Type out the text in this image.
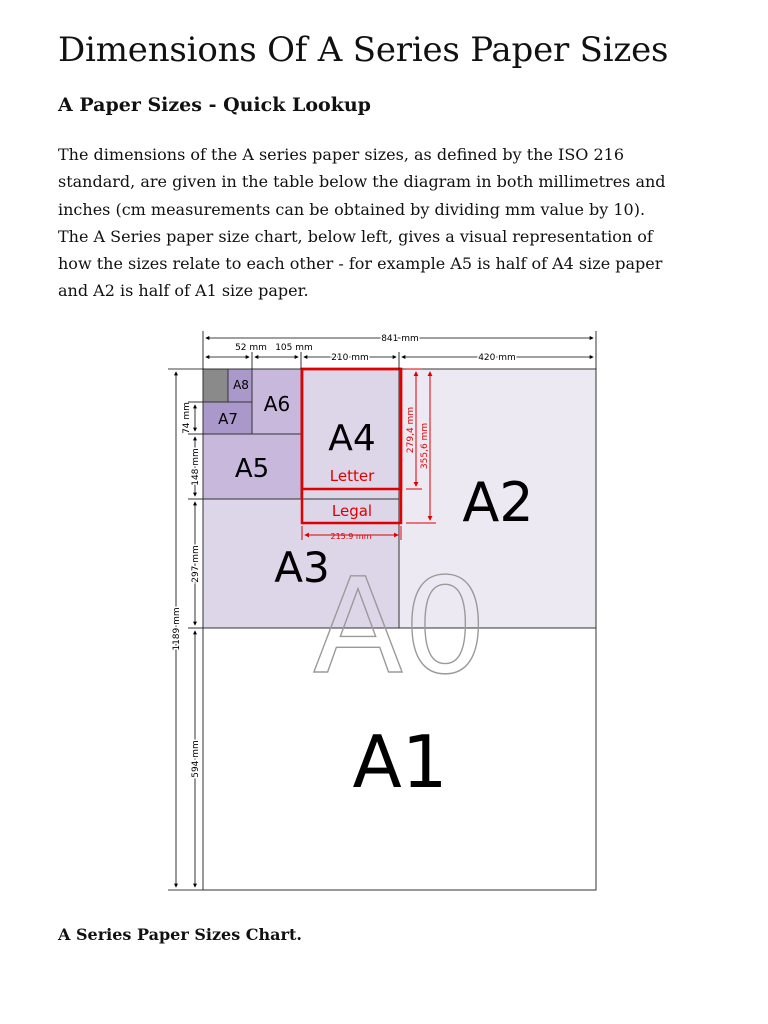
Dimensions Of A Series Paper Sizes
A Paper Sizes - Quick Lookup

The dimensions of the A series paper sizes, as defined by the ISO 216
standard, are given in the table below the diagram in both millimetres and
inches (cm measurements can be obtained by dividing mm value by 10).
The A Series paper size chart, below left, gives a visual representation of
how the sizes relate to each other - for example A5 is half of A4 size paper
and A2 is half of A1 size paper.

A0
A1
A2
A3
A4
A5
A6
A7
A8
Letter
Legal
279,4 mm 355,6 mm
215.9 mm
841 mm
52 mm 105 mm
210 mm	420 mm
1189 mm
74 mm
148 mm
297 mm
594 mm

A Series Paper Sizes Chart.
